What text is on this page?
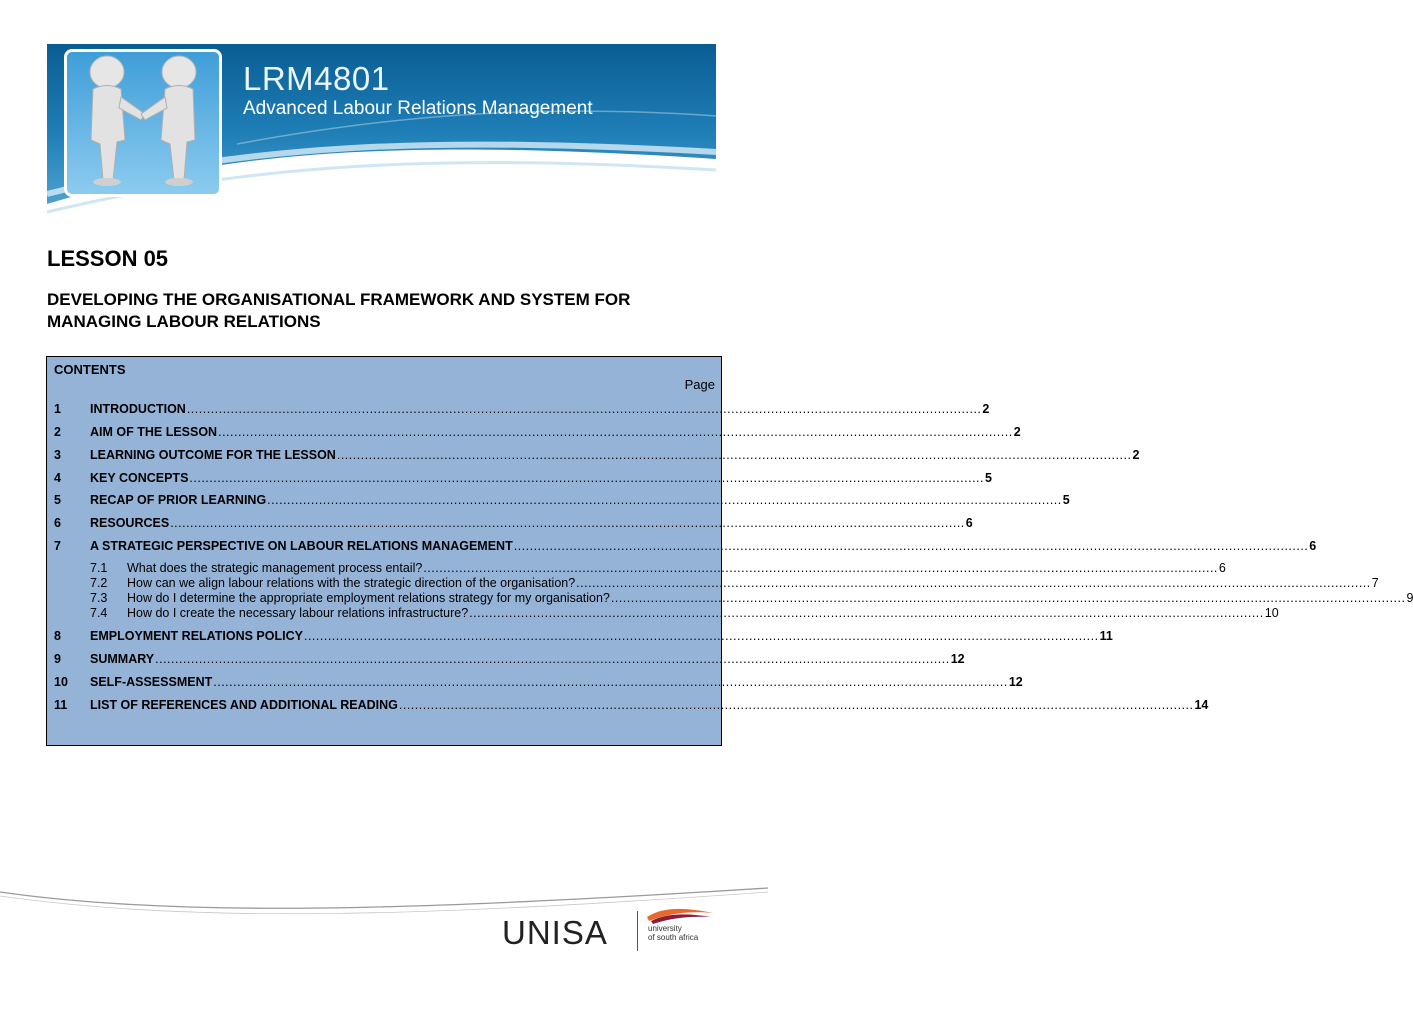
LRM4801
Advanced Labour Relations Management
LESSON 05
DEVELOPING THE ORGANISATIONAL FRAMEWORK AND SYSTEM FOR MANAGING LABOUR RELATIONS
CONTENTS
Page
1	INTRODUCTION ........................................................................................................................................................................................................ 2
2	AIM OF THE LESSON ........................................................................................................................................................................................................ 2
3	LEARNING OUTCOME FOR THE LESSON ........................................................................................................................................................................................................ 2
4	KEY CONCEPTS ........................................................................................................................................................................................................ 5
5	RECAP OF PRIOR LEARNING ........................................................................................................................................................................................................ 5
6	RESOURCES ........................................................................................................................................................................................................ 6
7	A STRATEGIC PERSPECTIVE ON LABOUR RELATIONS MANAGEMENT ........................................................................................................................................................................................................ 6
7.1	What does the strategic management process entail? ........................................................................................................................................................................................................ 6
7.2	How can we align labour relations with the strategic direction of the organisation? ........................................................................................................................................................................................................ 7
7.3	How do I determine the appropriate employment relations strategy for my organisation? ........................................................................................................................................................................................................ 9
7.4	How do I create the necessary labour relations infrastructure? ........................................................................................................................................................................................................ 10
8	EMPLOYMENT RELATIONS POLICY ........................................................................................................................................................................................................ 11
9	SUMMARY ........................................................................................................................................................................................................ 12
10	SELF-ASSESSMENT ........................................................................................................................................................................................................ 12
11	LIST OF REFERENCES AND ADDITIONAL READING ........................................................................................................................................................................................................ 14
UNISA	university
of south africa
